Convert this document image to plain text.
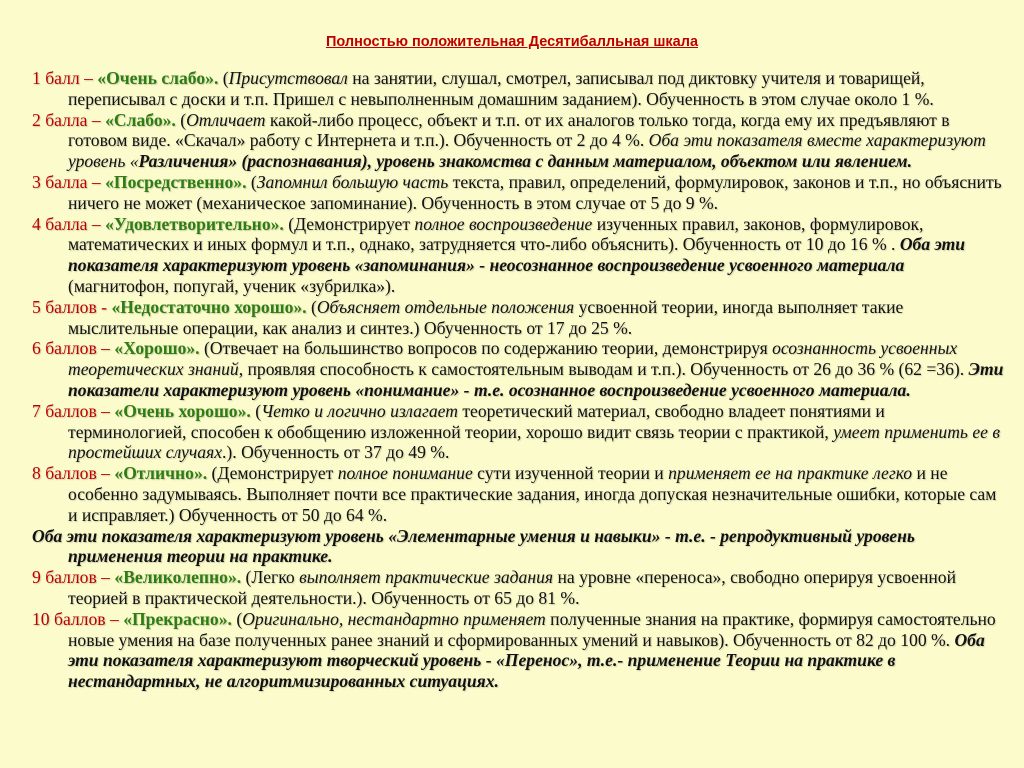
Полностью положительная Десятибалльная шкала

1 балл – «Очень слабо». (Присутствовал на занятии, слушал, смотрел, записывал под диктовку учителя и товарищей, переписывал с доски и т.п. Пришел с невыполненным домашним заданием). Обученность в этом случае около 1 %.

2 балла – «Слабо». (Отличает какой-либо процесс, объект и т.п. от их аналогов только тогда, когда ему их предъявляют в готовом виде. «Скачал» работу с Интернета и т.п.). Обученность от 2 до 4 %. Оба эти показателя вместе характеризуют уровень «Различения» (распознавания), уровень знакомства с данным материалом, объектом или явлением.

3 балла – «Посредственно». (Запомнил большую часть текста, правил, определений, формулировок, законов и т.п., но объяснить ничего не может (механическое запоминание). Обученность в этом случае от 5 до 9 %.

4 балла – «Удовлетворительно». (Демонстрирует полное воспроизведение изученных правил, законов, формулировок, математических и иных формул и т.п., однако, затрудняется что-либо объяснить). Обученность от 10 до 16 % . Оба эти показателя характеризуют уровень «запоминания» - неосознанное воспроизведение усвоенного материала (магнитофон, попугай, ученик «зубрилка»).

5 баллов - «Недостаточно хорошо». (Объясняет отдельные положения усвоенной теории, иногда выполняет такие мыслительные операции, как анализ и синтез.) Обученность от 17 до 25 %.

6 баллов – «Хорошо». (Отвечает на большинство вопросов по содержанию теории, демонстрируя осознанность усвоенных теоретических знаний, проявляя способность к самостоятельным выводам и т.п.). Обученность от 26 до 36 % (62 =36). Эти показатели характеризуют уровень «понимание» - т.е. осознанное воспроизведение усвоенного материала.

7 баллов – «Очень хорошо». (Четко и логично излагает теоретический материал, свободно владеет понятиями и терминологией, способен к обобщению изложенной теории, хорошо видит связь теории с практикой, умеет применить ее в простейших случаях.). Обученность от 37 до 49 %.

8 баллов – «Отлично». (Демонстрирует полное понимание сути изученной теории и применяет ее на практике легко и не особенно задумываясь. Выполняет почти все практические задания, иногда допуская незначительные ошибки, которые сам и исправляет.) Обученность от 50 до 64 %.

Оба эти показателя характеризуют уровень «Элементарные умения и навыки» - т.е. - репродуктивный уровень применения теории на практике.

9 баллов – «Великолепно». (Легко выполняет практические задания на уровне «переноса», свободно оперируя усвоенной теорией в практической деятельности.). Обученность от 65 до 81 %.

10 баллов – «Прекрасно». (Оригинально, нестандартно применяет полученные знания на практике, формируя самостоятельно новые умения на базе полученных ранее знаний и сформированных умений и навыков). Обученность от 82 до 100 %. Оба эти показателя характеризуют творческий уровень - «Перенос», т.е.- применение Теории на практике в нестандартных, не алгоритмизированных ситуациях.
